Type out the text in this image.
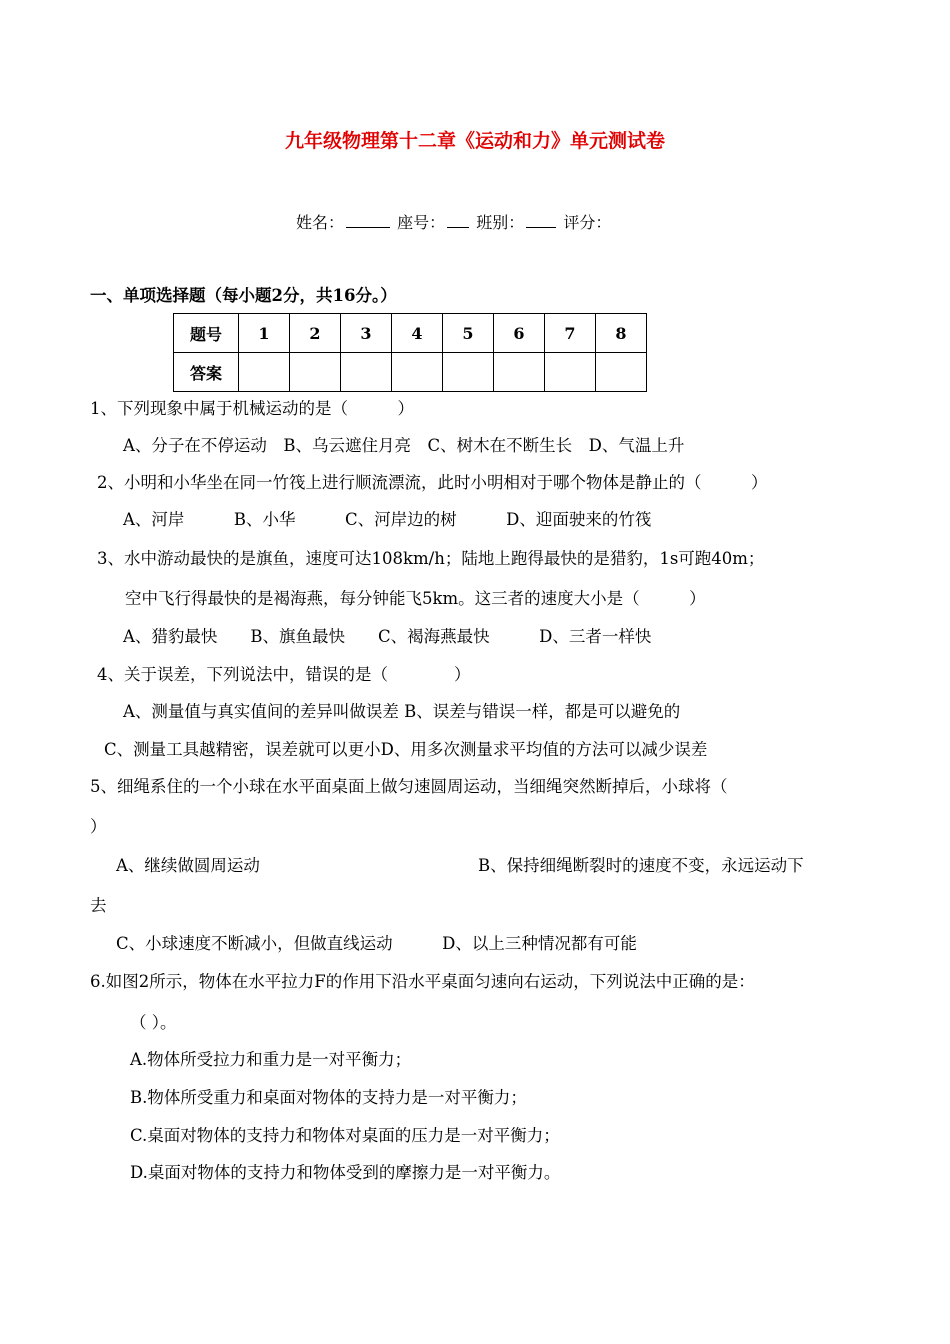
九年级物理第十二章《运动和力》单元测试卷
姓名：	座号： 班别： 评分：
一、单项选择题（每小题2分，共16分。）
题号	1	2	3	4	5	6	7	8
答案								
1、下列现象中属于机械运动的是（　　　）
A、分子在不停运动　B、乌云遮住月亮　C、树木在不断生长　D、气温上升
2、小明和小华坐在同一竹筏上进行顺流漂流，此时小明相对于哪个物体是静止的（　　　）
A、河岸　　　B、小华　　　C、河岸边的树　　　D、迎面驶来的竹筏
3、水中游动最快的是旗鱼，速度可达108km/h；陆地上跑得最快的是猎豹，1s可跑40m；
空中飞行得最快的是褐海燕，每分钟能飞5km。这三者的速度大小是（　　　）
A、猎豹最快　　B、旗鱼最快　　C、褐海燕最快　　　D、三者一样快
4、关于误差，下列说法中，错误的是（　　　　）
A、测量值与真实值间的差异叫做误差 B、误差与错误一样，都是可以避免的
C、测量工具越精密，误差就可以更小D、用多次测量求平均值的方法可以减少误差
5、细绳系住的一个小球在水平面桌面上做匀速圆周运动，当细绳突然断掉后，小球将（
）
A、继续做圆周运动	B、保持细绳断裂时的速度不变，永远运动下
去
C、小球速度不断减小，但做直线运动　　　D、以上三种情况都有可能
6.如图2所示，物体在水平拉力F的作用下沿水平桌面匀速向右运动，下列说法中正确的是：
（ ）。
A.物体所受拉力和重力是一对平衡力；
B.物体所受重力和桌面对物体的支持力是一对平衡力；
C.桌面对物体的支持力和物体对桌面的压力是一对平衡力；
D.桌面对物体的支持力和物体受到的摩擦力是一对平衡力。
